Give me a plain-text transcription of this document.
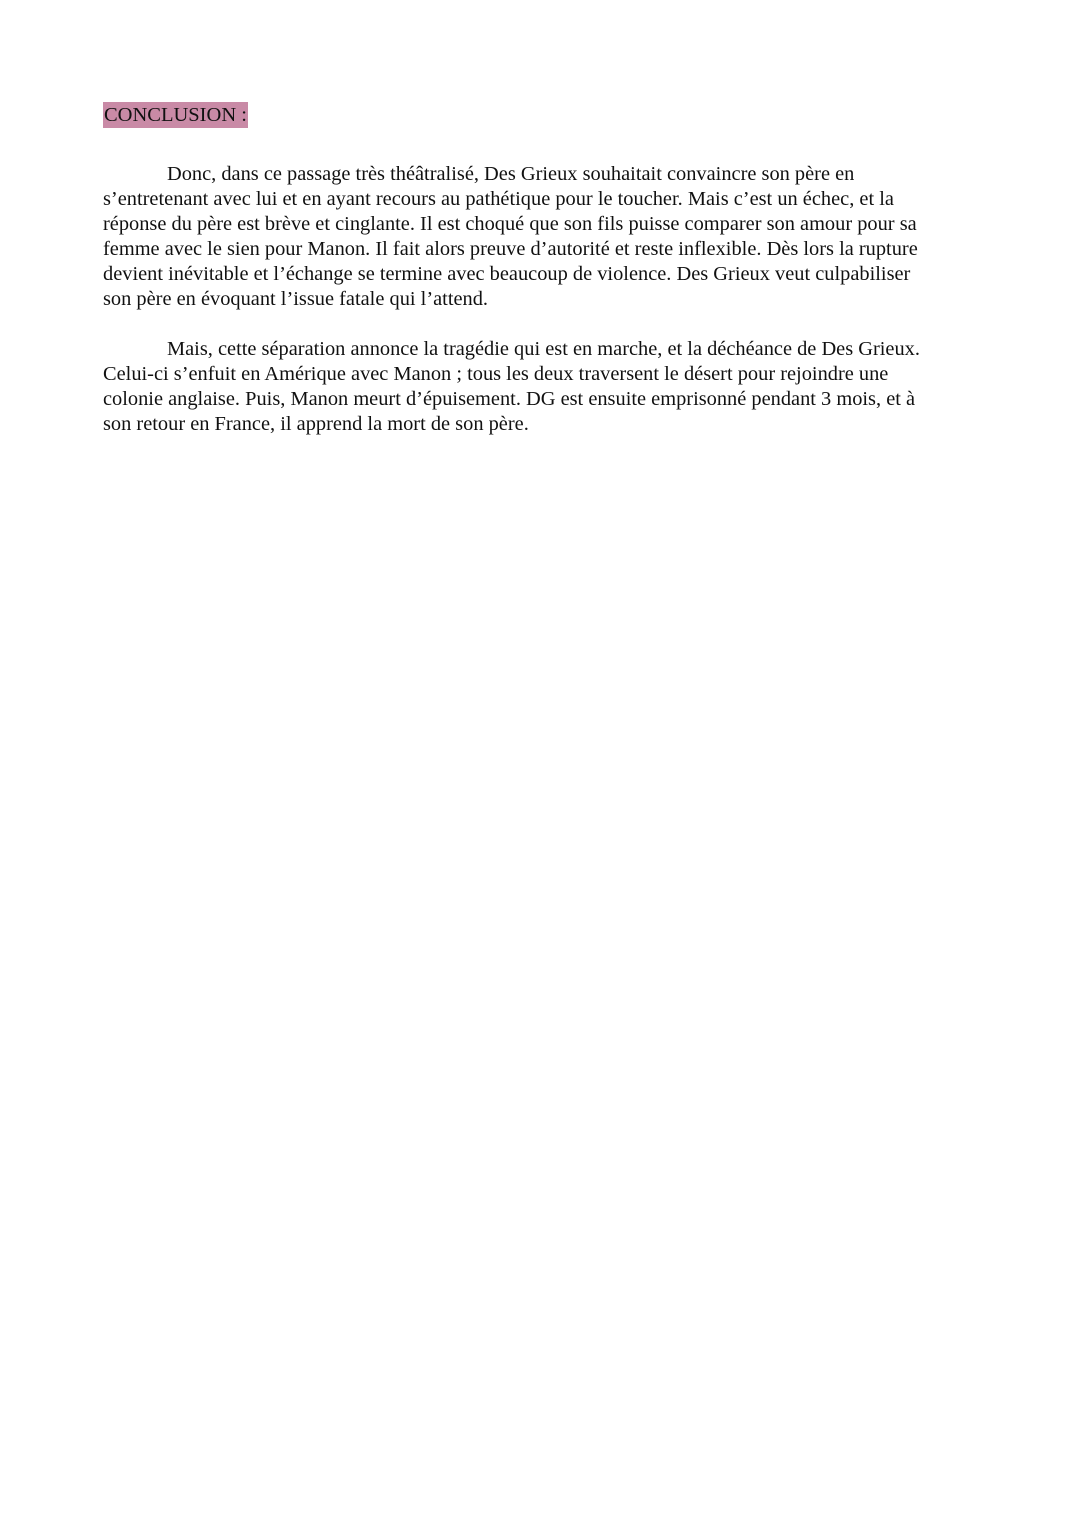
CONCLUSION :

Donc, dans ce passage très théâtralisé, Des Grieux souhaitait convaincre son père en
s’entretenant avec lui et en ayant recours au pathétique pour le toucher. Mais c’est un échec, et la
réponse du père est brève et cinglante. Il est choqué que son fils puisse comparer son amour pour sa
femme avec le sien pour Manon. Il fait alors preuve d’autorité et reste inflexible. Dès lors la rupture
devient inévitable et l’échange se termine avec beaucoup de violence. Des Grieux veut culpabiliser
son père en évoquant l’issue fatale qui l’attend.

Mais, cette séparation annonce la tragédie qui est en marche, et la déchéance de Des Grieux.
Celui-ci s’enfuit en Amérique avec Manon ; tous les deux traversent le désert pour rejoindre une
colonie anglaise. Puis, Manon meurt d’épuisement. DG est ensuite emprisonné pendant 3 mois, et à
son retour en France, il apprend la mort de son père.
